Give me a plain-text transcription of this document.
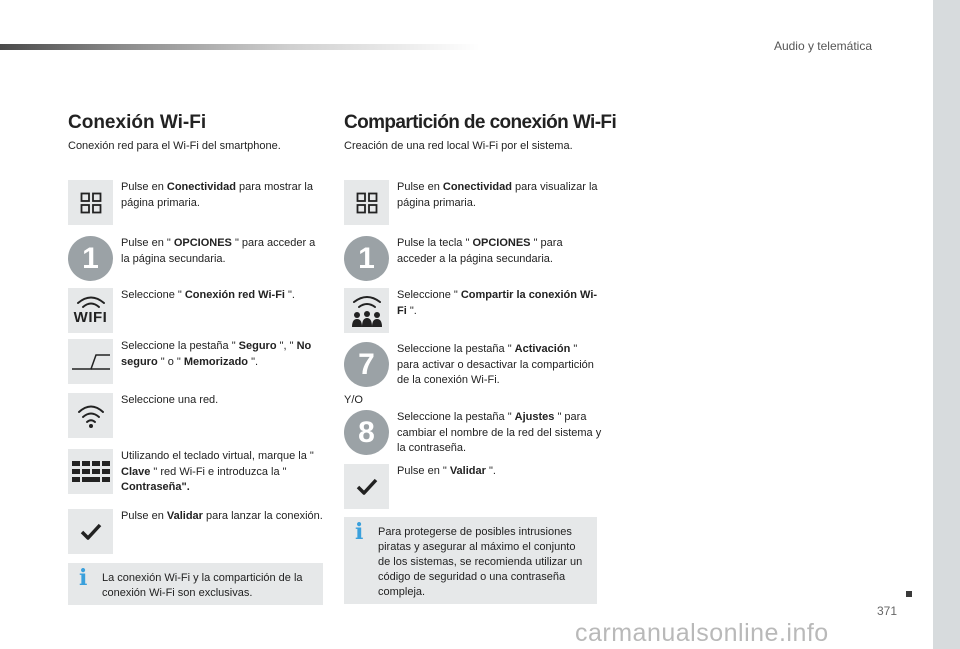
Audio y telemática
Conexión Wi-Fi
Conexión red para el Wi-Fi del smartphone.
Pulse en Conectividad para mostrar la página primaria.
1	Pulse en " OPCIONES " para acceder a la página secundaria.
WIFI
Seleccione " Conexión red Wi-Fi ".
Seleccione la pestaña " Seguro ", " No seguro " o " Memorizado ".
Seleccione una red.
Utilizando el teclado virtual, marque la " Clave " red Wi-Fi e introduzca la " Contraseña".
Pulse en Validar para lanzar la conexión.
i La conexión Wi-Fi y la compartición de la conexión Wi-Fi son exclusivas.
Compartición de conexión Wi-Fi
Creación de una red local Wi-Fi por el sistema.
Pulse en Conectividad para visualizar la página primaria.
1	Pulse la tecla " OPCIONES " para acceder a la página secundaria.
Seleccione " Compartir la conexión Wi-Fi ".
7	Seleccione la pestaña " Activación " para activar o desactivar la compartición de la conexión Wi-Fi.
Y/O
8	Seleccione la pestaña " Ajustes " para cambiar el nombre de la red del sistema y la contraseña.
Pulse en " Validar ".
i Para protegerse de posibles intrusiones piratas y asegurar al máximo el conjunto de los sistemas, se recomienda utilizar un código de seguridad o una contraseña compleja.
371
carmanualsonline.info
